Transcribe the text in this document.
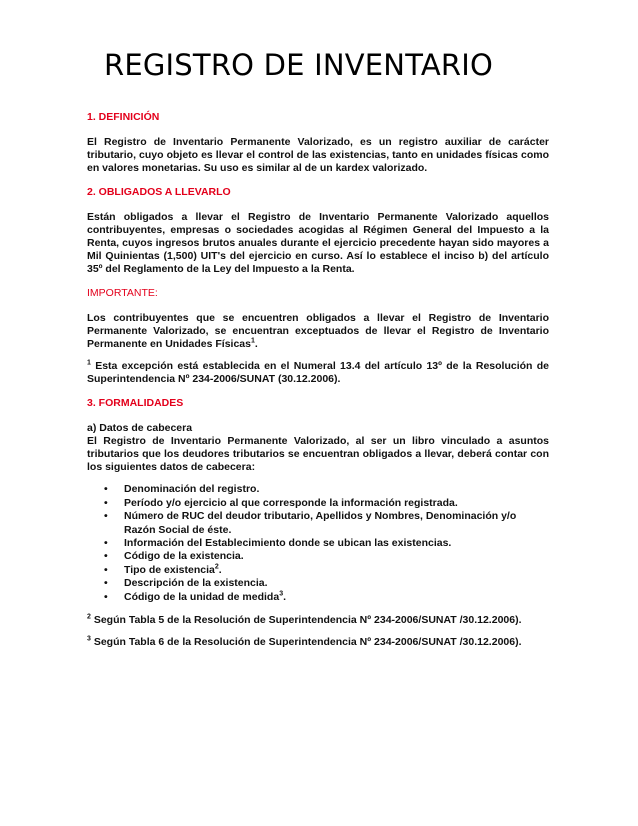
REGISTRO DE INVENTARIO
1. DEFINICIÓN

El Registro de Inventario Permanente Valorizado, es un registro auxiliar de carácter tributario, cuyo objeto es llevar el control de las existencias, tanto en unidades físicas como en valores monetarias. Su uso es similar al de un kardex valorizado.

2. OBLIGADOS A LLEVARLO

Están obligados a llevar el Registro de Inventario Permanente Valorizado aquellos contribuyentes, empresas o sociedades acogidas al Régimen General del Impuesto a la Renta, cuyos ingresos brutos anuales durante el ejercicio precedente hayan sido mayores a Mil Quinientas (1,500) UIT's del ejercicio en curso. Así lo establece el inciso b) del artículo 35º del Reglamento de la Ley del Impuesto a la Renta.

IMPORTANTE:

Los contribuyentes que se encuentren obligados a llevar el Registro de Inventario Permanente Valorizado, se encuentran exceptuados de llevar el Registro de Inventario Permanente en Unidades Físicas$^1$.

$^1$ Esta excepción está establecida en el Numeral 13.4 del artículo 13º de la Resolución de Superintendencia Nº 234-2006/SUNAT (30.12.2006).

3. FORMALIDADES

a) Datos de cabecera
El Registro de Inventario Permanente Valorizado, al ser un libro vinculado a asuntos tributarios que los deudores tributarios se encuentran obligados a llevar, deberá contar con los siguientes datos de cabecera:

• Denominación del registro.
• Período y/o ejercicio al que corresponde la información registrada.
• Número de RUC del deudor tributario, Apellidos y Nombres, Denominación y/o Razón Social de éste.
• Información del Establecimiento donde se ubican las existencias.
• Código de la existencia.
• Tipo de existencia$^2$.
• Descripción de la existencia.
• Código de la unidad de medida$^3$.

$^2$ Según Tabla 5 de la Resolución de Superintendencia Nº 234-2006/SUNAT /30.12.2006).

$^3$ Según Tabla 6 de la Resolución de Superintendencia Nº 234-2006/SUNAT /30.12.2006).
